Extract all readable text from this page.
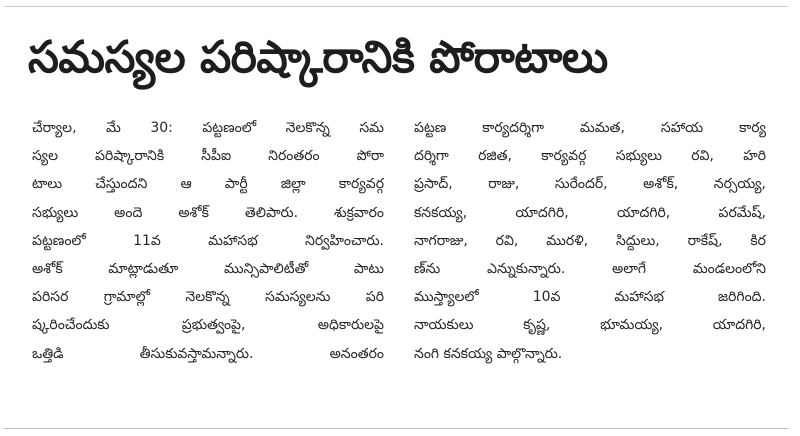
సమస్యల పరిష్కారానికి పోరాటాలు
చేర్యాల, మే 30: పట్టణంలో నెలకొన్న సమ
స్యల పరిష్కారానికి సీపీఐ నిరంతరం పోరా
టాలు చేస్తుందని ఆ పార్టీ జిల్లా కార్యవర్గ
సభ్యులు అందె అశోక్ తెలిపారు. శుక్రవారం
పట్టణంలో 11వ మహాసభ నిర్వహించారు.
అశోక్ మాట్లాడుతూ మున్సిపాలిటీతో పాటు
పరిసర గ్రామాల్లో నెలకొన్న సమస్యలను పరి
ష్కరించేందుకు ప్రభుత్వంపై, అధికారులపై
ఒత్తిడి తీసుకువస్తామన్నారు. అనంతరం
పట్టణ కార్యదర్శిగా మమత, సహాయ కార్య
దర్శిగా రజిత, కార్యవర్గ సభ్యులు రవి, హరి
ప్రసాద్, రాజు, సురేందర్, అశోక్, నర్సయ్య,
కనకయ్య, యాదగిరి, యాదగిరి, పరమేష్,
నాగరాజు, రవి, మురళి, సిద్దులు, రాకేష్, కిర
ణ్‌ను ఎన్నుకున్నారు. అలాగే మండలంలోని
ముస్త్యాలలో 10వ మహాసభ జరిగింది.
నాయకులు కృష్ణ, భూమయ్య, యాదగిరి,
నంగి కనకయ్య పాల్గొన్నారు.
